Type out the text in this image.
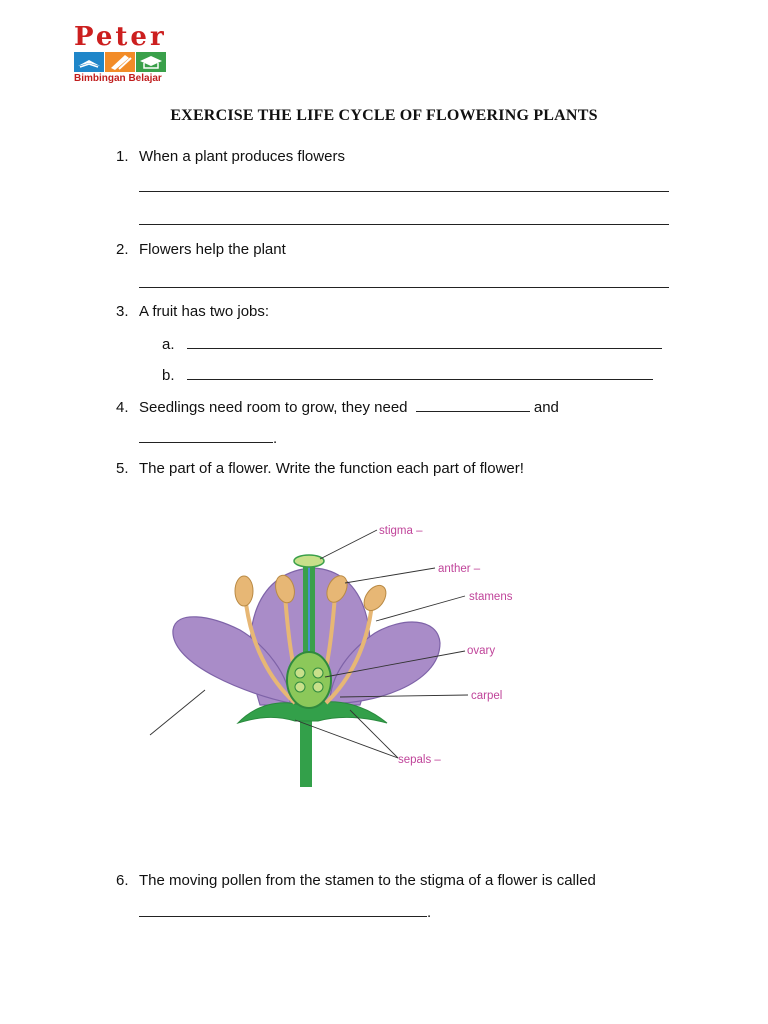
Peter
Bimbingan Belajar
EXERCISE THE LIFE CYCLE OF FLOWERING PLANTS
1. When a plant produces flowers
2. Flowers help the plant
3. A fruit has two jobs:
a.
b.
4. Seedlings need room to grow, they need	and
.
5. The part of a flower. Write the function each part of flower!
stigma –
anther –
stamens
ovary
carpel
sepals –
6. The moving pollen from the stamen to the stigma of a flower is called
.
